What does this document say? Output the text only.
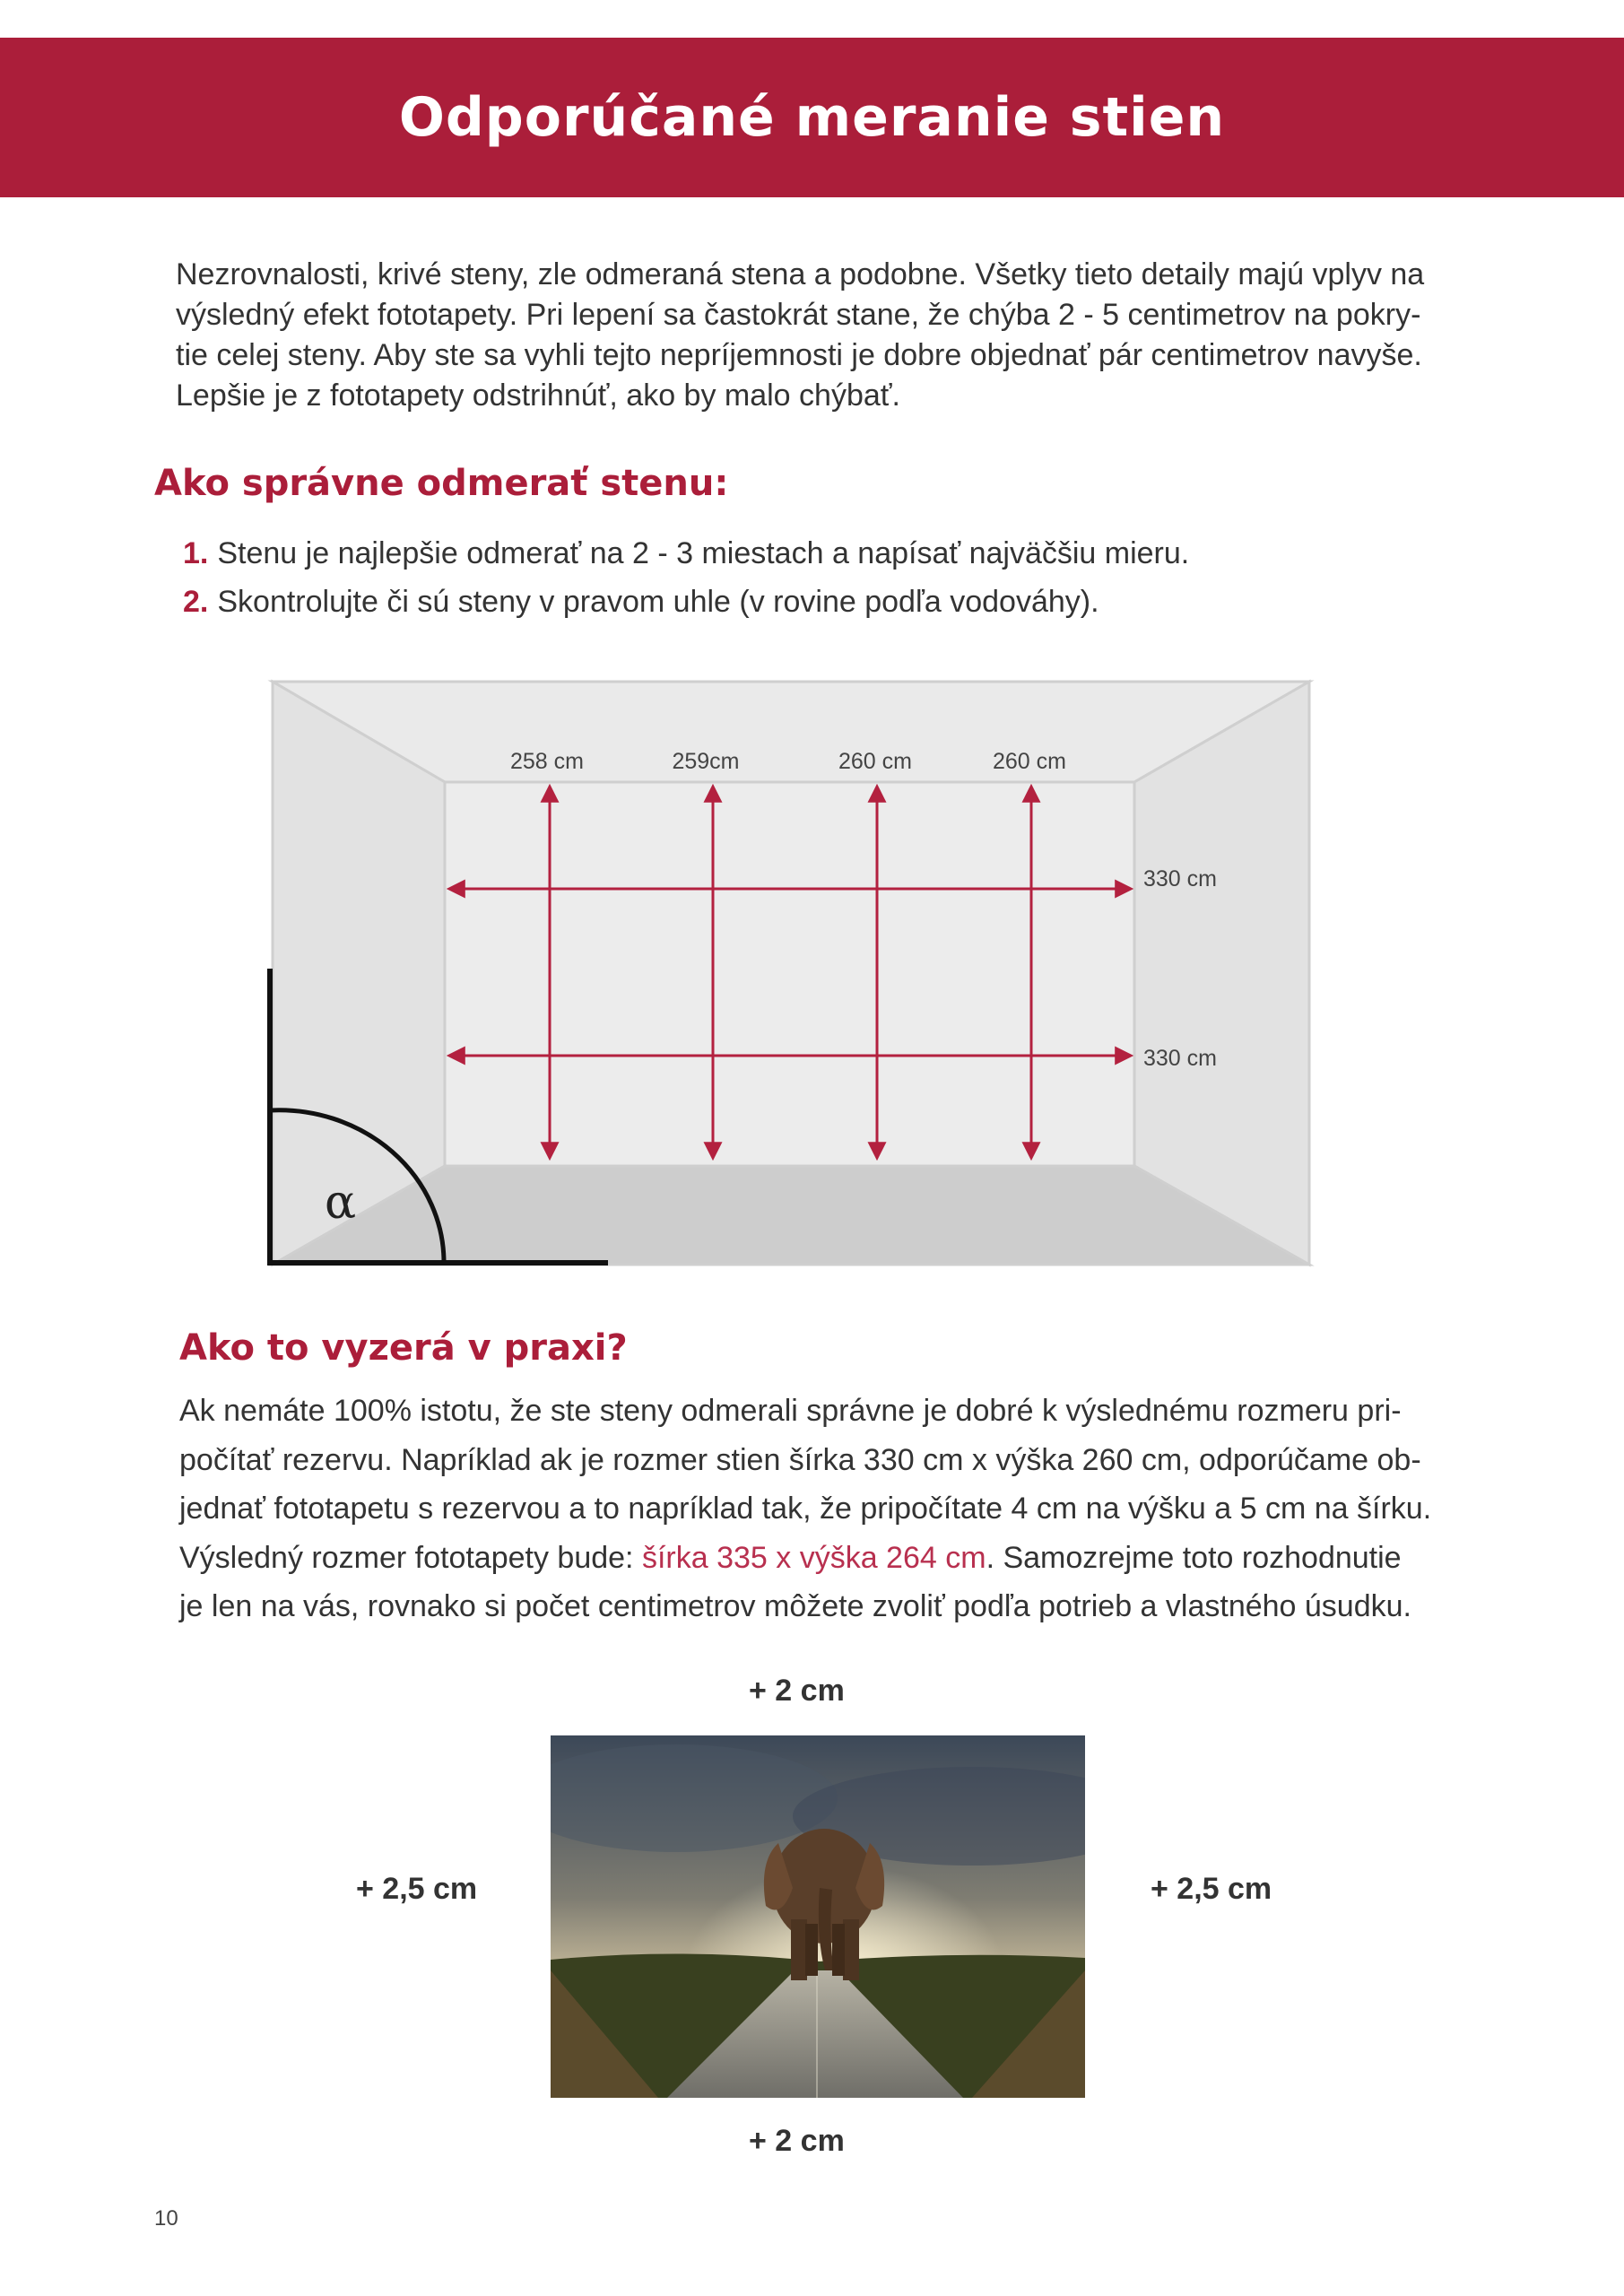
Odporúčané meranie stien

Nezrovnalosti, krivé steny, zle odmeraná stena a podobne. Všetky tieto detaily majú vplyv na
výsledný efekt fototapety. Pri lepení sa častokrát stane, že chýba 2 - 5 centimetrov na pokry-
tie celej steny. Aby ste sa vyhli tejto nepríjemnosti je dobre objednať pár centimetrov navyše.
Lepšie je z fototapety odstrihnúť, ako by malo chýbať.

Ako správne odmerať stenu:
1. Stenu je najlepšie odmerať na 2 - 3 miestach a napísať najväčšiu mieru.
2. Skontrolujte či sú steny v pravom uhle (v rovine podľa vodováhy).
258 cm	259cm	260 cm	260 cm
330 cm
330 cm
α
Ako to vyzerá v praxi?

Ak nemáte 100% istotu, že ste steny odmerali správne je dobré k výslednému rozmeru pri-
počítať rezervu. Napríklad ak je rozmer stien šírka 330 cm x výška 260 cm, odporúčame ob-
jednať fototapetu s rezervou a to napríklad tak, že pripočítate 4 cm na výšku a 5 cm na šírku.
Výsledný rozmer fototapety bude: šírka 335 x výška 264 cm. Samozrejme toto rozhodnutie
je len na vás, rovnako si počet centimetrov môžete zvoliť podľa potrieb a vlastného úsudku.

+ 2 cm
+ 2,5 cm	+ 2,5 cm
+ 2 cm
10
